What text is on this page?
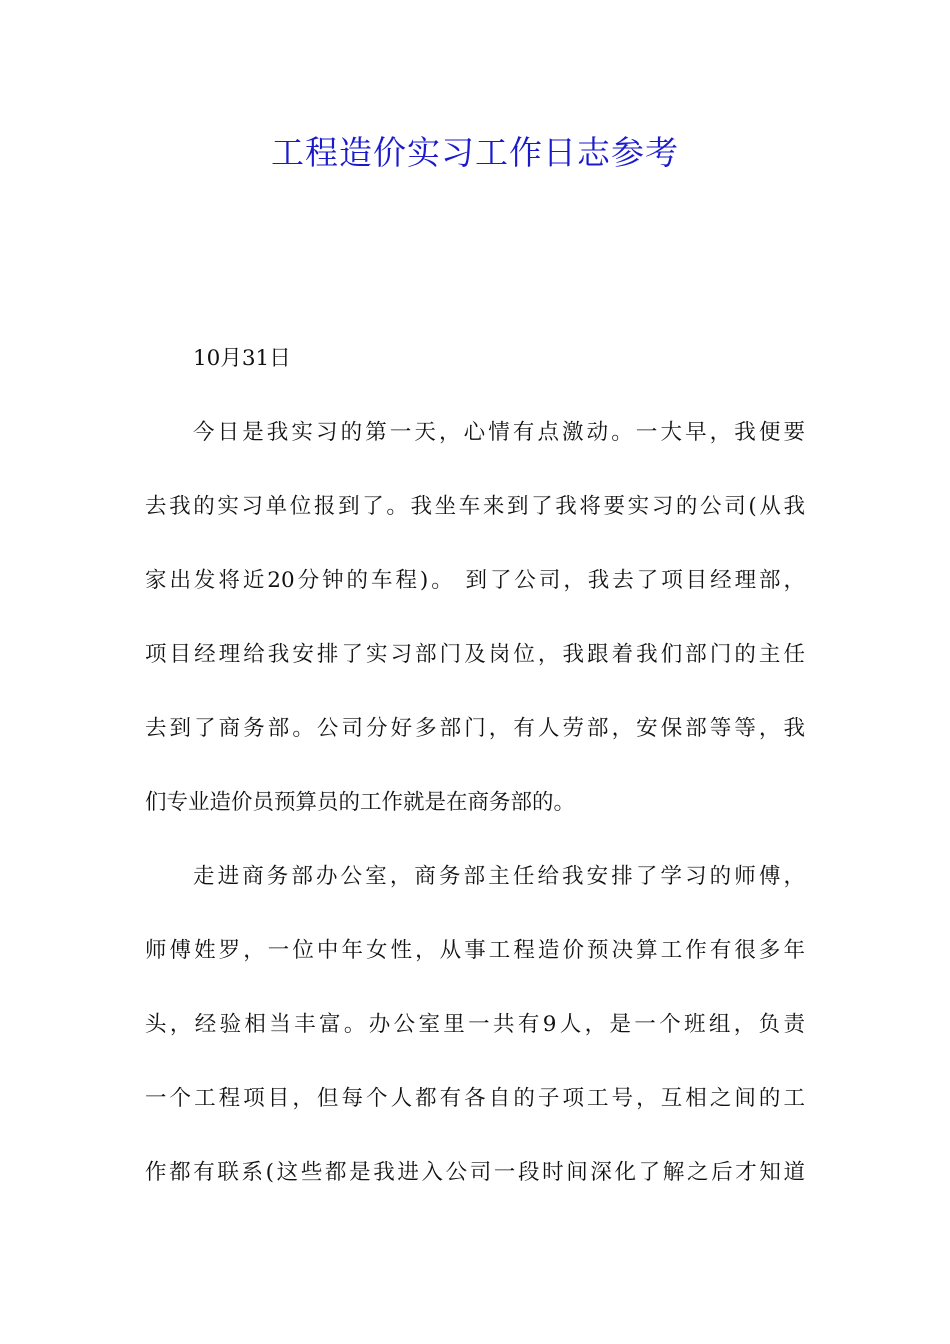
工程造价实习工作日志参考
10月31日
今日是我实习的第一天，心情有点激动。一大早，我便要
去我的实习单位报到了。我坐车来到了我将要实习的公司(从我
家出发将近20分钟的车程)。 到了公司，我去了项目经理部，
项目经理给我安排了实习部门及岗位，我跟着我们部门的主任
去到了商务部。公司分好多部门，有人劳部，安保部等等，我
们专业造价员预算员的工作就是在商务部的。
走进商务部办公室，商务部主任给我安排了学习的师傅，
师傅姓罗，一位中年女性，从事工程造价预决算工作有很多年
头，经验相当丰富。办公室里一共有9人，是一个班组，负责
一个工程项目，但每个人都有各自的子项工号，互相之间的工
作都有联系(这些都是我进入公司一段时间深化了解之后才知道
